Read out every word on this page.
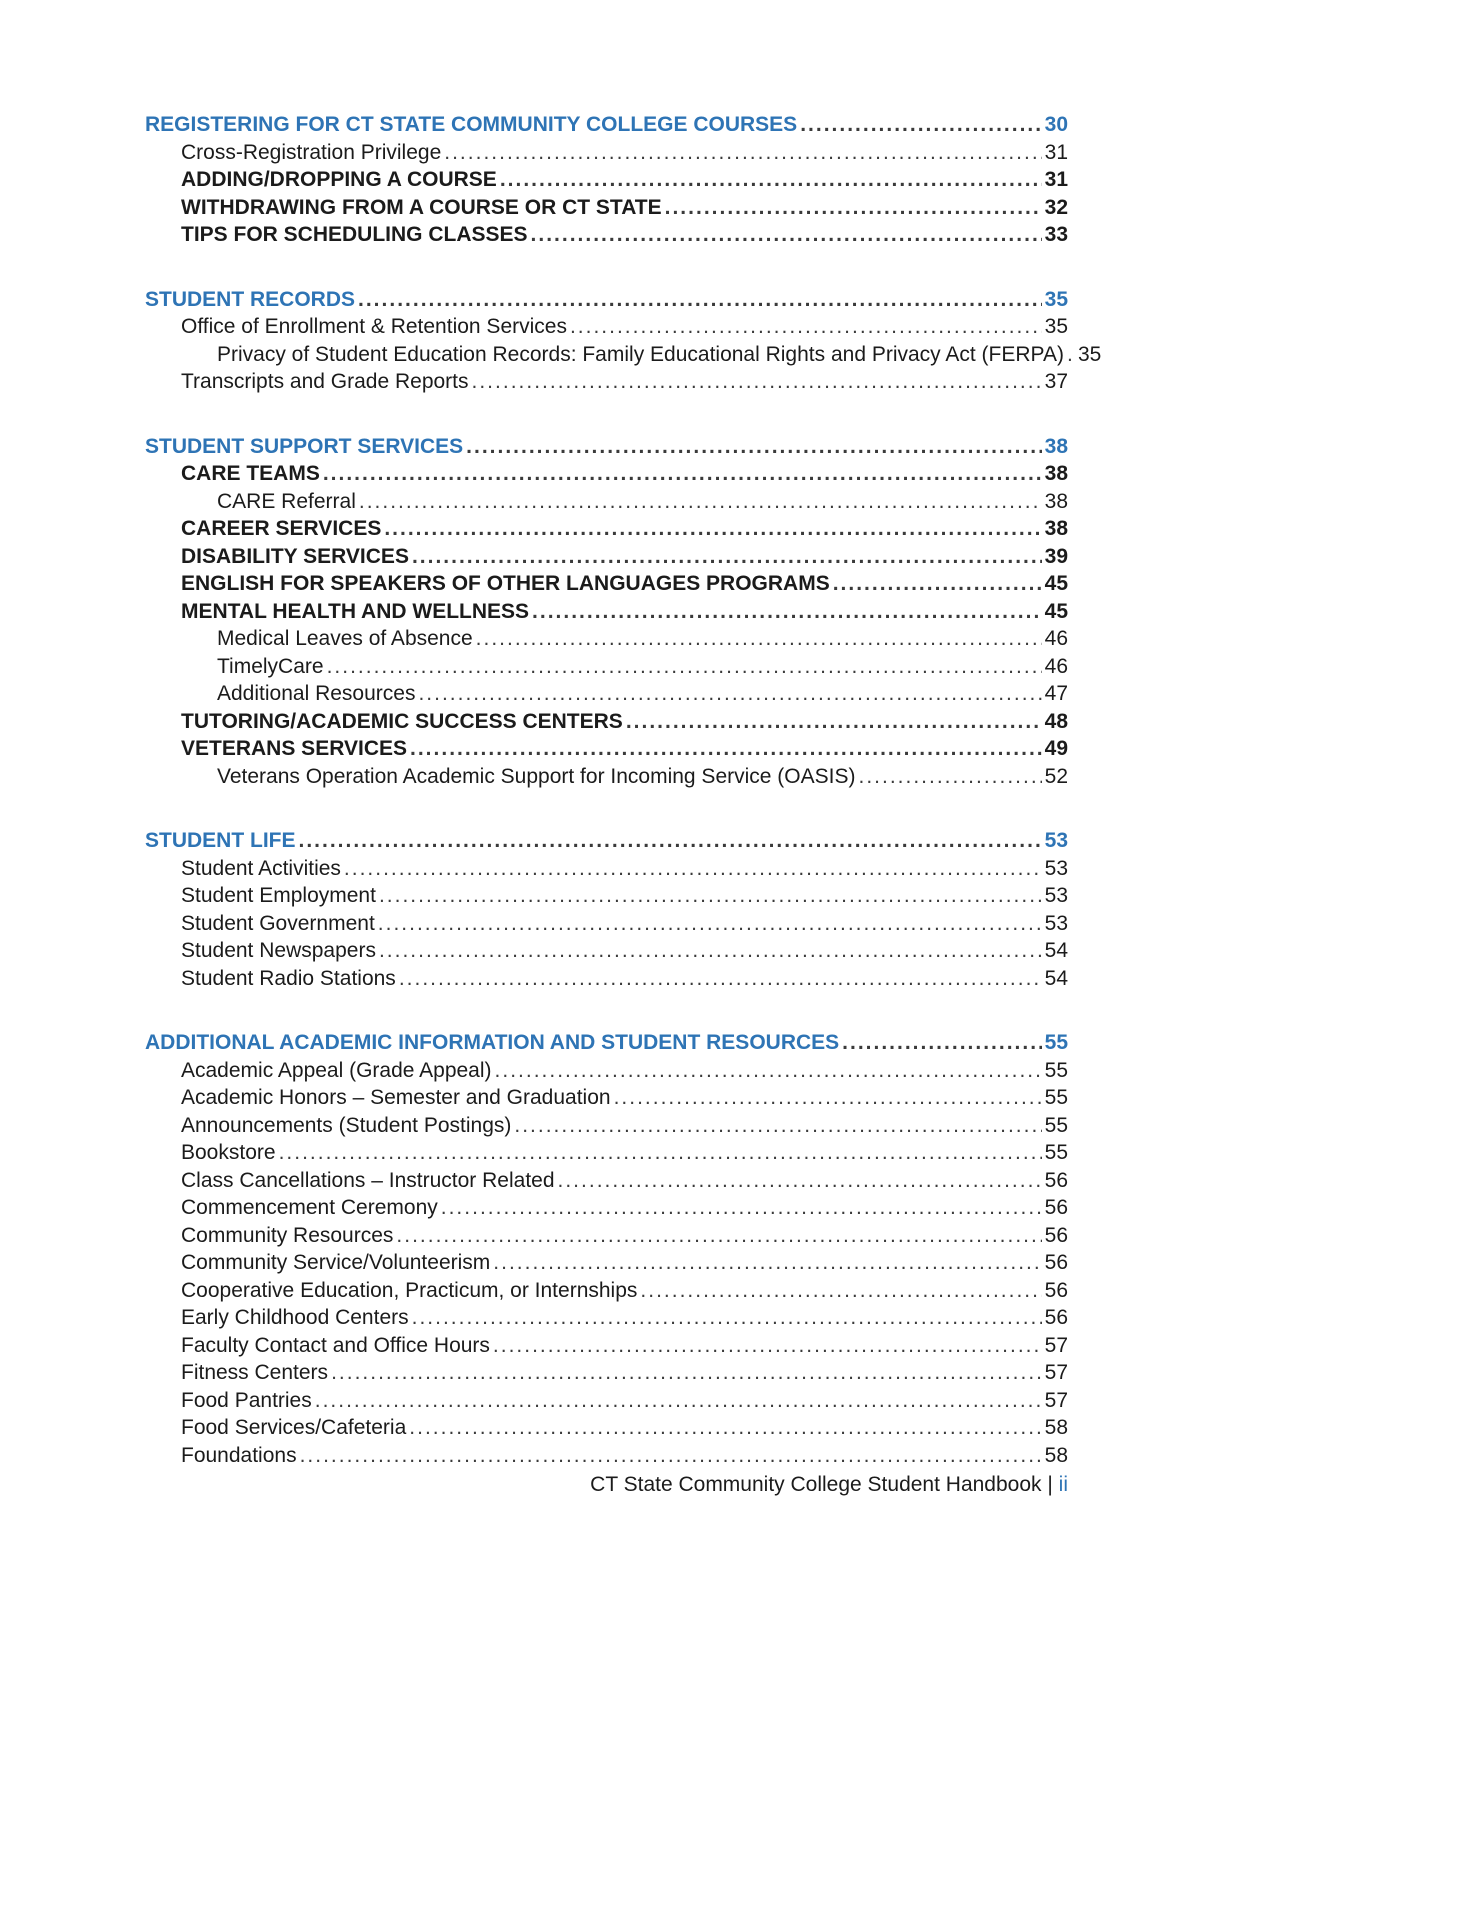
REGISTERING FOR CT STATE COMMUNITY COLLEGE COURSES .....	30
Cross-Registration Privilege .....	31
ADDING/DROPPING A COURSE .....	31
WITHDRAWING FROM A COURSE OR CT STATE .....	32
TIPS FOR SCHEDULING CLASSES .....	33
STUDENT RECORDS .....	35
Office of Enrollment & Retention Services .....	35
Privacy of Student Education Records: Family Educational Rights and Privacy Act (FERPA) ..... 35
Transcripts and Grade Reports .....	37
STUDENT SUPPORT SERVICES .....	38
CARE TEAMS .....	38
CARE Referral .....	38
CAREER SERVICES .....	38
DISABILITY SERVICES .....	39
ENGLISH FOR SPEAKERS OF OTHER LANGUAGES PROGRAMS .....	45
MENTAL HEALTH AND WELLNESS .....	45
Medical Leaves of Absence .....	46
TimelyCare .....	46
Additional Resources .....	47
TUTORING/ACADEMIC SUCCESS CENTERS .....	48
VETERANS SERVICES .....	49
Veterans Operation Academic Support for Incoming Service (OASIS) .....	52
STUDENT LIFE .....	53
Student Activities .....	53
Student Employment .....	53
Student Government .....	53
Student Newspapers .....	54
Student Radio Stations .....	54
ADDITIONAL ACADEMIC INFORMATION AND STUDENT RESOURCES .....	55
Academic Appeal (Grade Appeal) .....	55
Academic Honors – Semester and Graduation .....	55
Announcements (Student Postings) .....	55
Bookstore .....	55
Class Cancellations – Instructor Related .....	56
Commencement Ceremony .....	56
Community Resources .....	56
Community Service/Volunteerism .....	56
Cooperative Education, Practicum, or Internships .....	56
Early Childhood Centers .....	56
Faculty Contact and Office Hours .....	57
Fitness Centers .....	57
Food Pantries .....	57
Food Services/Cafeteria .....	58
Foundations .....	58
CT State Community College Student Handbook | ii
